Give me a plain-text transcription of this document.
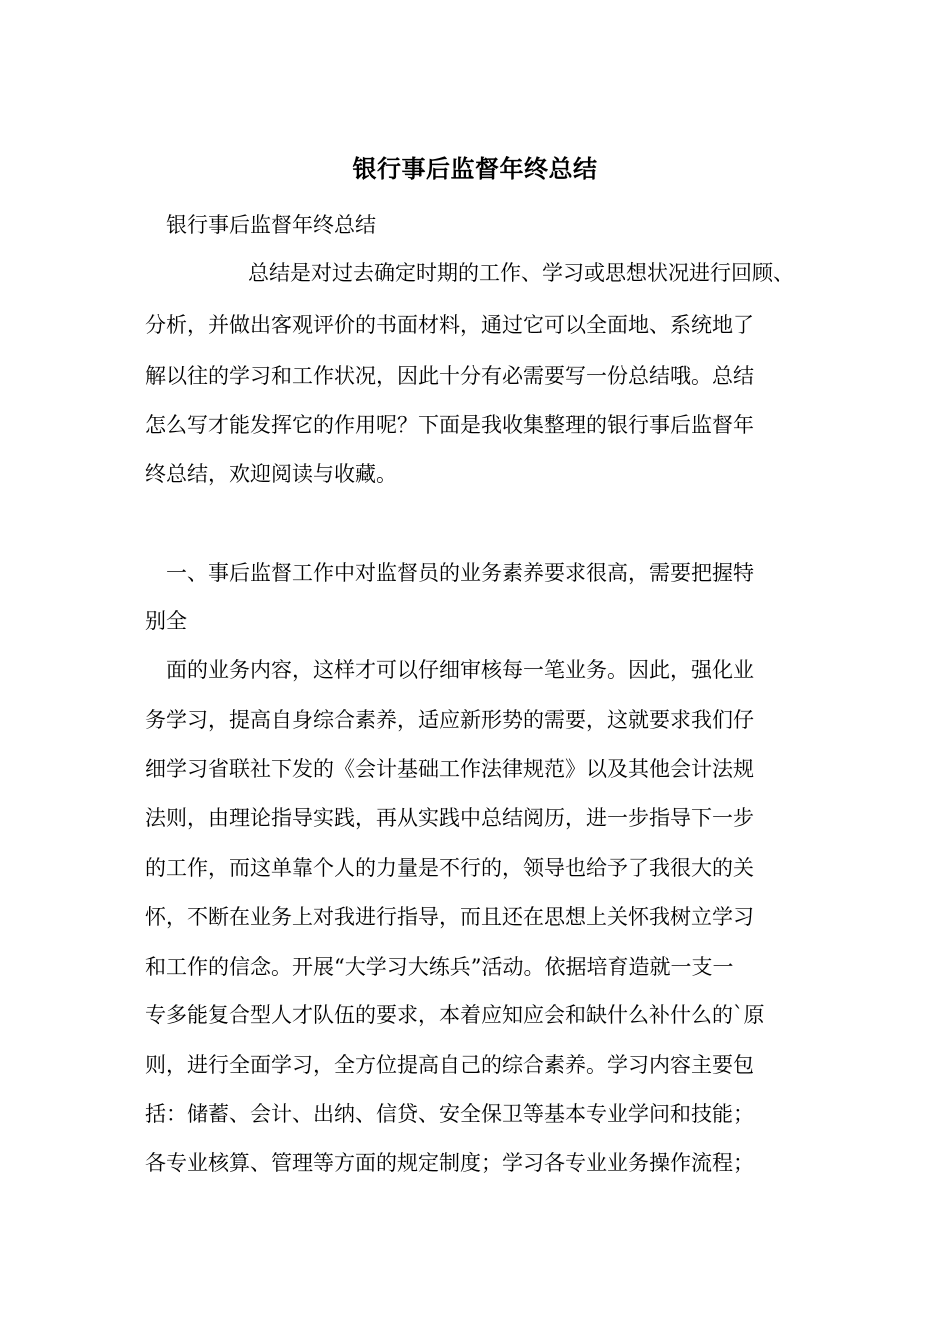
银行事后监督年终总结

银行事后监督年终总结

总结是对过去确定时期的工作、学习或思想状况进行回顾、

分析，并做出客观评价的书面材料，通过它可以全面地、系统地了

解以往的学习和工作状况，因此十分有必需要写一份总结哦。总结

怎么写才能发挥它的作用呢？下面是我收集整理的银行事后监督年

终总结，欢迎阅读与收藏。

一、事后监督工作中对监督员的业务素养要求很高，需要把握特

别全

面的业务内容，这样才可以仔细审核每一笔业务。因此，强化业

务学习，提高自身综合素养，适应新形势的需要，这就要求我们仔

细学习省联社下发的《会计基础工作法律规范》以及其他会计法规

法则，由理论指导实践，再从实践中总结阅历，进一步指导下一步

的工作，而这单靠个人的力量是不行的，领导也给予了我很大的关

怀，不断在业务上对我进行指导，而且还在思想上关怀我树立学习

和工作的信念。开展“大学习大练兵”活动。依据培育造就一支一

专多能复合型人才队伍的要求，本着应知应会和缺什么补什么的`原

则，进行全面学习，全方位提高自己的综合素养。学习内容主要包

括：储蓄、会计、出纳、信贷、安全保卫等基本专业学问和技能；

各专业核算、管理等方面的规定制度；学习各专业业务操作流程；
